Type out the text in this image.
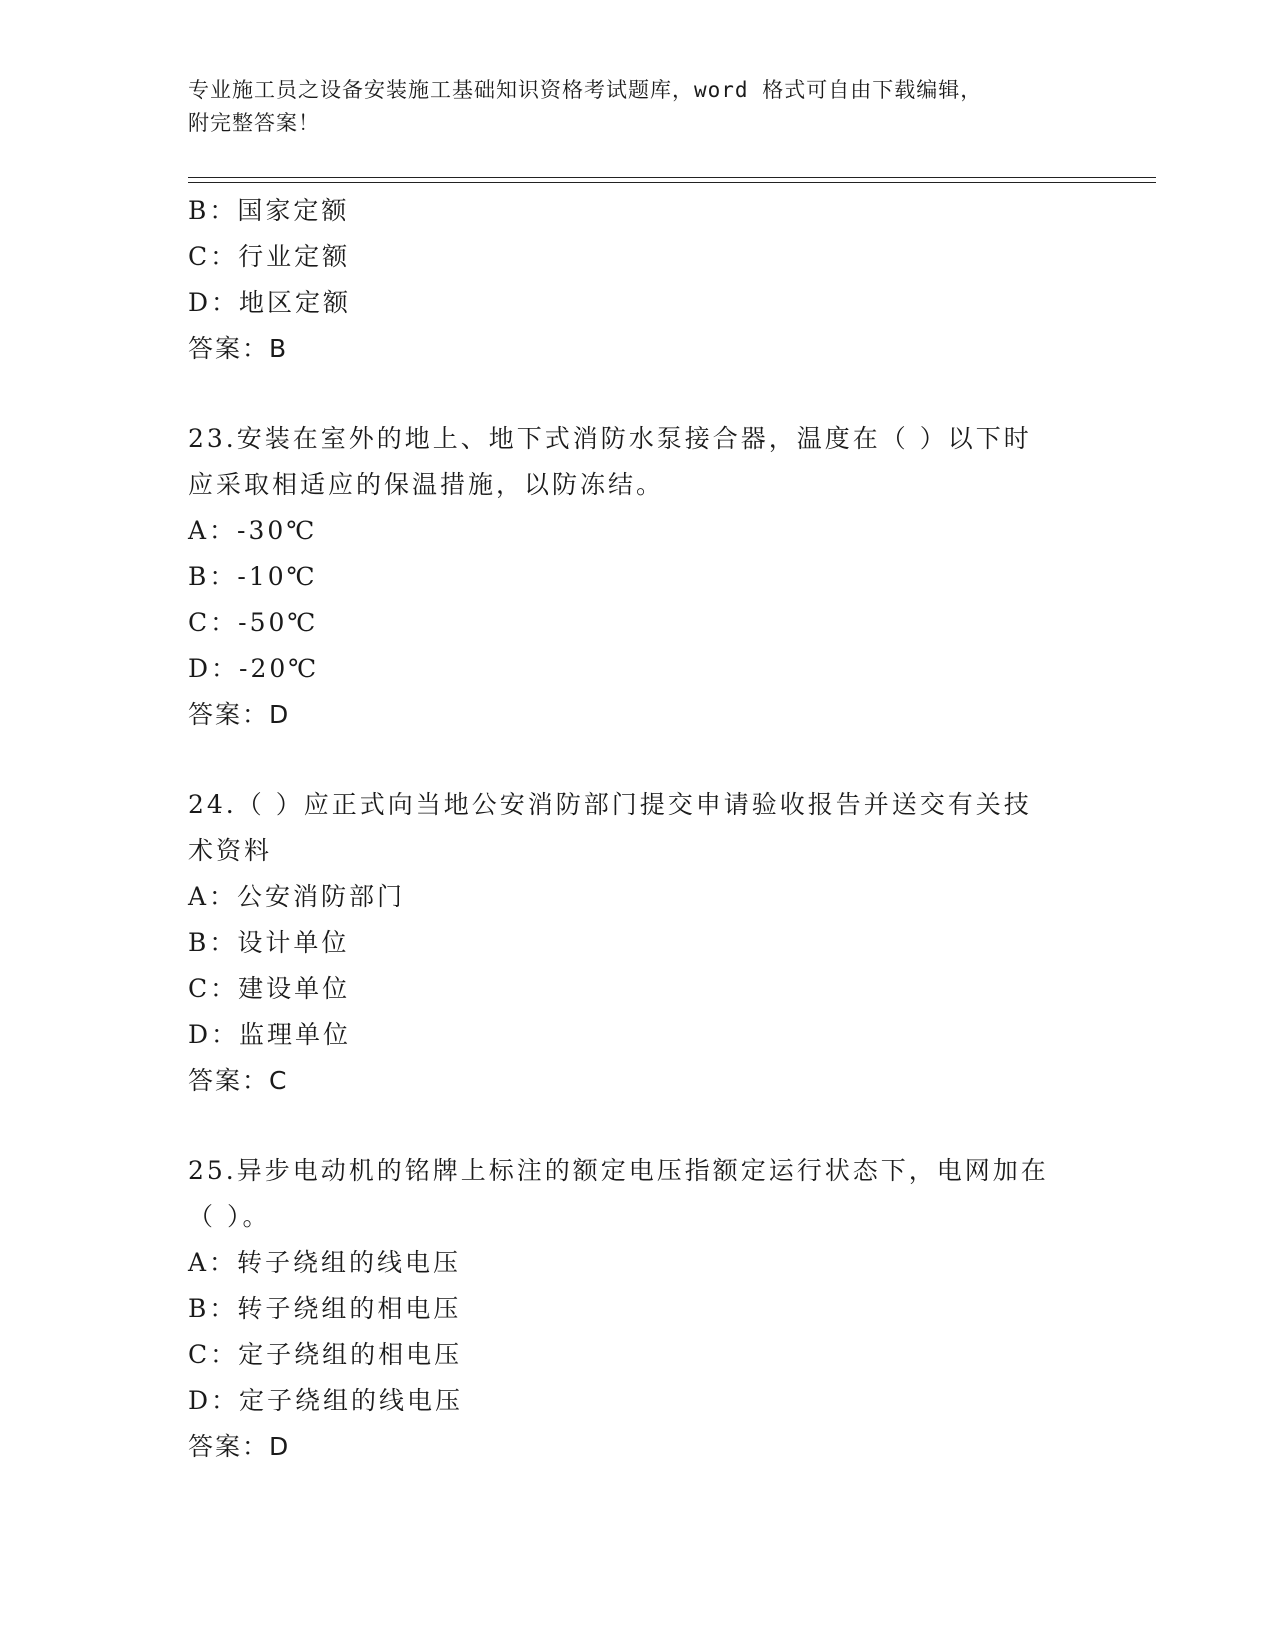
专业施工员之设备安装施工基础知识资格考试题库，word 格式可自由下载编辑，
附完整答案！
B：国家定额
C：行业定额
D：地区定额
答案：B
23.安装在室外的地上、地下式消防水泵接合器，温度在（ ）以下时
应采取相适应的保温措施，以防冻结。
A：-30℃
B：-10℃
C：-50℃
D：-20℃
答案：D
24.（ ）应正式向当地公安消防部门提交申请验收报告并送交有关技
术资料
A：公安消防部门
B：设计单位
C：建设单位
D：监理单位
答案：C
25.异步电动机的铭牌上标注的额定电压指额定运行状态下，电网加在
（ ）。
A：转子绕组的线电压
B：转子绕组的相电压
C：定子绕组的相电压
D：定子绕组的线电压
答案：D
